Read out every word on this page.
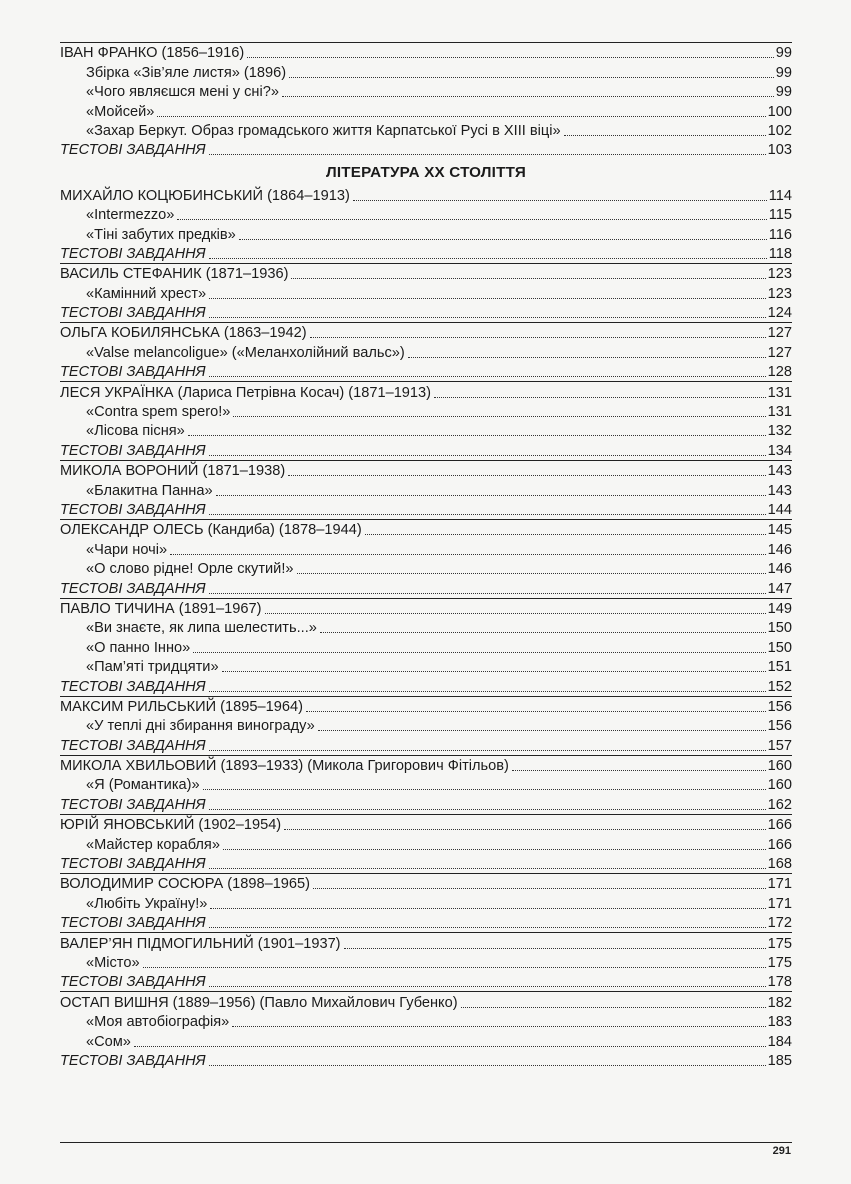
ІВАН ФРАНКО (1856–1916)	99
Збірка «Зів’яле листя» (1896)	99
«Чого являєшся мені у сні?»	99
«Мойсей»	100
«Захар Беркут. Образ громадського життя Карпатської Русі в XIII віці»	102
ТЕСТОВІ ЗАВДАННЯ	103
ЛІТЕРАТУРА XX СТОЛІТТЯ
МИХАЙЛО КОЦЮБИНСЬКИЙ (1864–1913)	114
«Intermezzo»	115
«Тіні забутих предків»	116
ТЕСТОВІ ЗАВДАННЯ	118
ВАСИЛЬ СТЕФАНИК (1871–1936)	123
«Камінний хрест»	123
ТЕСТОВІ ЗАВДАННЯ	124
ОЛЬГА КОБИЛЯНСЬКА (1863–1942)	127
«Valse melancoligue» («Меланхолійний вальс»)	127
ТЕСТОВІ ЗАВДАННЯ	128
ЛЕСЯ УКРАЇНКА (Лариса Петрівна Косач) (1871–1913)	131
«Contra spem spero!»	131
«Лісова пісня»	132
ТЕСТОВІ ЗАВДАННЯ	134
МИКОЛА ВОРОНИЙ (1871–1938)	143
«Блакитна Панна»	143
ТЕСТОВІ ЗАВДАННЯ	144
ОЛЕКСАНДР ОЛЕСЬ (Кандиба) (1878–1944)	145
«Чари ночі»	146
«О слово рідне! Орле скутий!»	146
ТЕСТОВІ ЗАВДАННЯ	147
ПАВЛО ТИЧИНА (1891–1967)	149
«Ви знаєте, як липа шелестить...»	150
«О панно Інно»	150
«Пам’яті тридцяти»	151
ТЕСТОВІ ЗАВДАННЯ	152
МАКСИМ РИЛЬСЬКИЙ (1895–1964)	156
«У теплі дні збирання винограду»	156
ТЕСТОВІ ЗАВДАННЯ	157
МИКОЛА ХВИЛЬОВИЙ (1893–1933) (Микола Григорович Фітільов)	160
«Я (Романтика)»	160
ТЕСТОВІ ЗАВДАННЯ	162
ЮРІЙ ЯНОВСЬКИЙ (1902–1954)	166
«Майстер корабля»	166
ТЕСТОВІ ЗАВДАННЯ	168
ВОЛОДИМИР СОСЮРА (1898–1965)	171
«Любіть Україну!»	171
ТЕСТОВІ ЗАВДАННЯ	172
ВАЛЕР’ЯН ПІДМОГИЛЬНИЙ (1901–1937)	175
«Місто»	175
ТЕСТОВІ ЗАВДАННЯ	178
ОСТАП ВИШНЯ (1889–1956) (Павло Михайлович Губенко)	182
«Моя автобіографія»	183
«Сом»	184
ТЕСТОВІ ЗАВДАННЯ	185
291
